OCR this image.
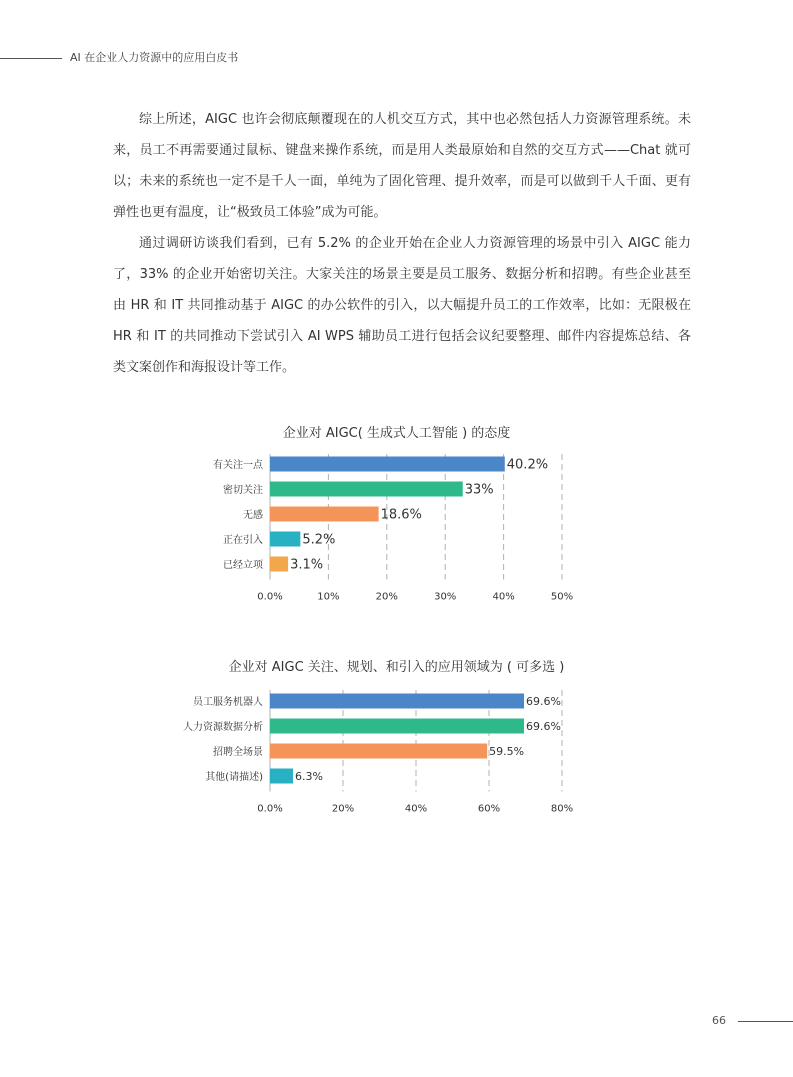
AI 在企业人力资源中的应用白皮书

综上所述，AIGC 也许会彻底颠覆现在的人机交互方式，其中也必然包括人力资源管理系统。未来，员工不再需要通过鼠标、键盘来操作系统，而是用人类最原始和自然的交互方式——Chat 就可以；未来的系统也一定不是千人一面，单纯为了固化管理、提升效率，而是可以做到千人千面、更有弹性也更有温度，让“极致员工体验”成为可能。

通过调研访谈我们看到，已有 5.2% 的企业开始在企业人力资源管理的场景中引入 AIGC 能力了，33% 的企业开始密切关注。大家关注的场景主要是员工服务、数据分析和招聘。有些企业甚至由 HR 和 IT 共同推动基于 AIGC 的办公软件的引入，以大幅提升员工的工作效率，比如：无限极在 HR 和 IT 的共同推动下尝试引入 AI WPS 辅助员工进行包括会议纪要整理、邮件内容提炼总结、各类文案创作和海报设计等工作。

企业对 AIGC( 生成式人工智能 ) 的态度
0.0%	10%	20%	30%	40%	50%
有关注一点	40.2%
密切关注	33%
无感	18.6%
正在引入	5.2%
已经立项 3.1%
企业对 AIGC 关注、规划、和引入的应用领域为 ( 可多选 )
0.0%	20%	40%	60%	80%
员工服务机器人	69.6%
人力资源数据分析	69.6%
招聘全场景	59.5%
其他(请描述)	6.3%
66
